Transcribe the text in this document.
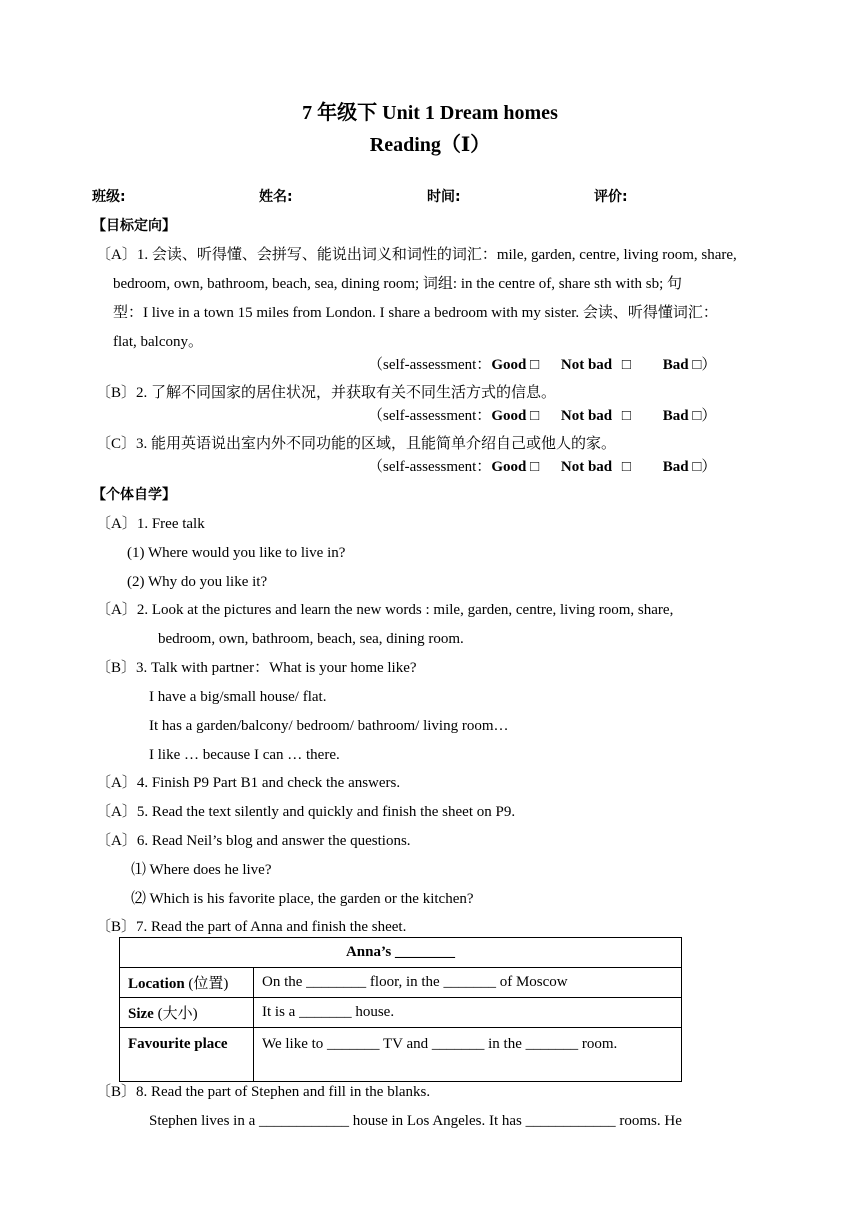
7 年级下 Unit 1 Dream homes
Reading（Ⅰ）
班级:	姓名:	时间:	评价:
【目标定向】
〔A〕1. 会读、听得懂、会拼写、能说出词义和词性的词汇：mile, garden, centre, living room, share,
bedroom, own, bathroom, beach, sea, dining room; 词组: in the centre of, share sth with sb; 句
型：I live in a town 15 miles from London. I share a bedroom with my sister. 会读、听得懂词汇：
flat, balcony。
（self-assessment：Good □ Not bad □ Bad □）
〔B〕2. 了解不同国家的居住状况，并获取有关不同生活方式的信息。
（self-assessment：Good □ Not bad □ Bad □）
〔C〕3. 能用英语说出室内外不同功能的区域，且能简单介绍自己或他人的家。
（self-assessment：Good □ Not bad □ Bad □）
【个体自学】
〔A〕1. Free talk
(1) Where would you like to live in?
(2) Why do you like it?
〔A〕2. Look at the pictures and learn the new words : mile, garden, centre, living room, share,
bedroom, own, bathroom, beach, sea, dining room.
〔B〕3. Talk with partner：What is your home like?
I have a big/small house/ flat.
It has a garden/balcony/ bedroom/ bathroom/ living room…
I like … because I can … there.
〔A〕4. Finish P9 Part B1 and check the answers.
〔A〕5. Read the text silently and quickly and finish the sheet on P9.
〔A〕6. Read Neil’s blog and answer the questions.
⑴ Where does he live?
⑵ Which is his favorite place, the garden or the kitchen?
〔B〕7. Read the part of Anna and finish the sheet.
Anna’s ________	
Location (位置)	On the ________ floor, in the _______ of Moscow
Size (大小)	It is a _______ house.
Favourite place	We like to _______ TV and _______ in the _______ room.
〔B〕8. Read the part of Stephen and fill in the blanks.
Stephen lives in a ____________ house in Los Angeles. It has ____________ rooms. He
